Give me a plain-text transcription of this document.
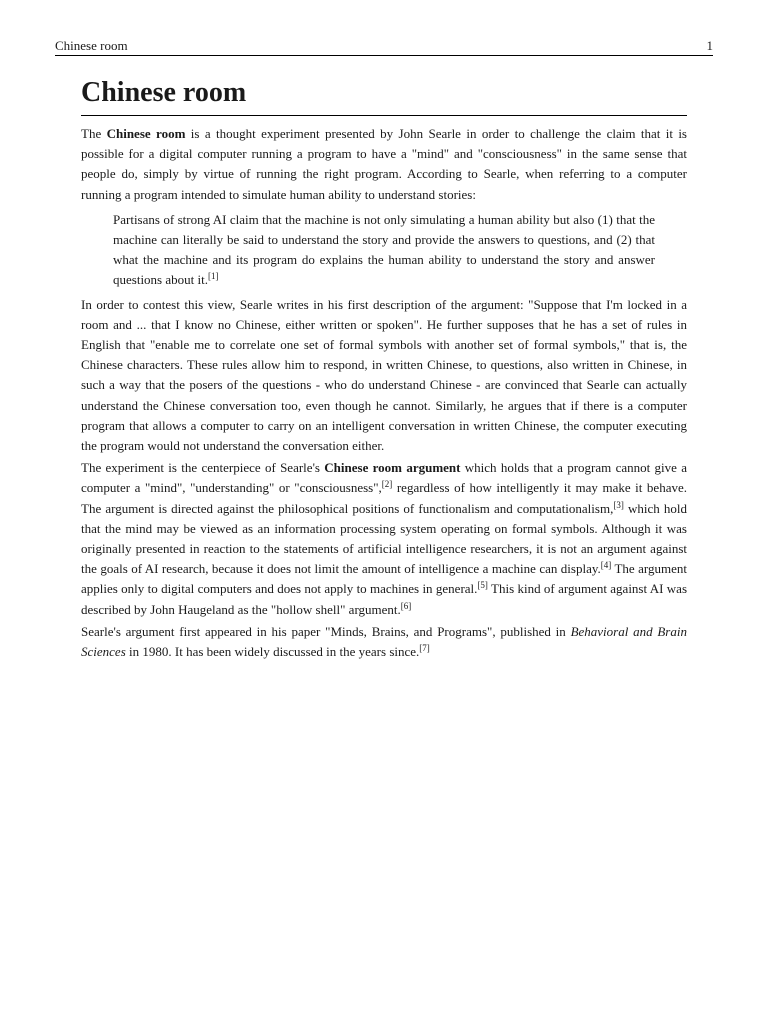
Chinese room	1
Chinese room

The Chinese room is a thought experiment presented by John Searle in order to challenge the claim that it is possible for a digital computer running a program to have a "mind" and "consciousness" in the same sense that people do, simply by virtue of running the right program. According to Searle, when referring to a computer running a program intended to simulate human ability to understand stories:

Partisans of strong AI claim that the machine is not only simulating a human ability but also (1) that the machine can literally be said to understand the story and provide the answers to questions, and (2) that what the machine and its program do explains the human ability to understand the story and answer questions about it.[1]

In order to contest this view, Searle writes in his first description of the argument: "Suppose that I'm locked in a room and ... that I know no Chinese, either written or spoken". He further supposes that he has a set of rules in English that "enable me to correlate one set of formal symbols with another set of formal symbols," that is, the Chinese characters. These rules allow him to respond, in written Chinese, to questions, also written in Chinese, in such a way that the posers of the questions - who do understand Chinese - are convinced that Searle can actually understand the Chinese conversation too, even though he cannot. Similarly, he argues that if there is a computer program that allows a computer to carry on an intelligent conversation in written Chinese, the computer executing the program would not understand the conversation either.

The experiment is the centerpiece of Searle's Chinese room argument which holds that a program cannot give a computer a "mind", "understanding" or "consciousness",[2] regardless of how intelligently it may make it behave. The argument is directed against the philosophical positions of functionalism and computationalism,[3] which hold that the mind may be viewed as an information processing system operating on formal symbols. Although it was originally presented in reaction to the statements of artificial intelligence researchers, it is not an argument against the goals of AI research, because it does not limit the amount of intelligence a machine can display.[4] The argument applies only to digital computers and does not apply to machines in general.[5] This kind of argument against AI was described by John Haugeland as the "hollow shell" argument.[6]

Searle's argument first appeared in his paper "Minds, Brains, and Programs", published in Behavioral and Brain Sciences in 1980. It has been widely discussed in the years since.[7]
